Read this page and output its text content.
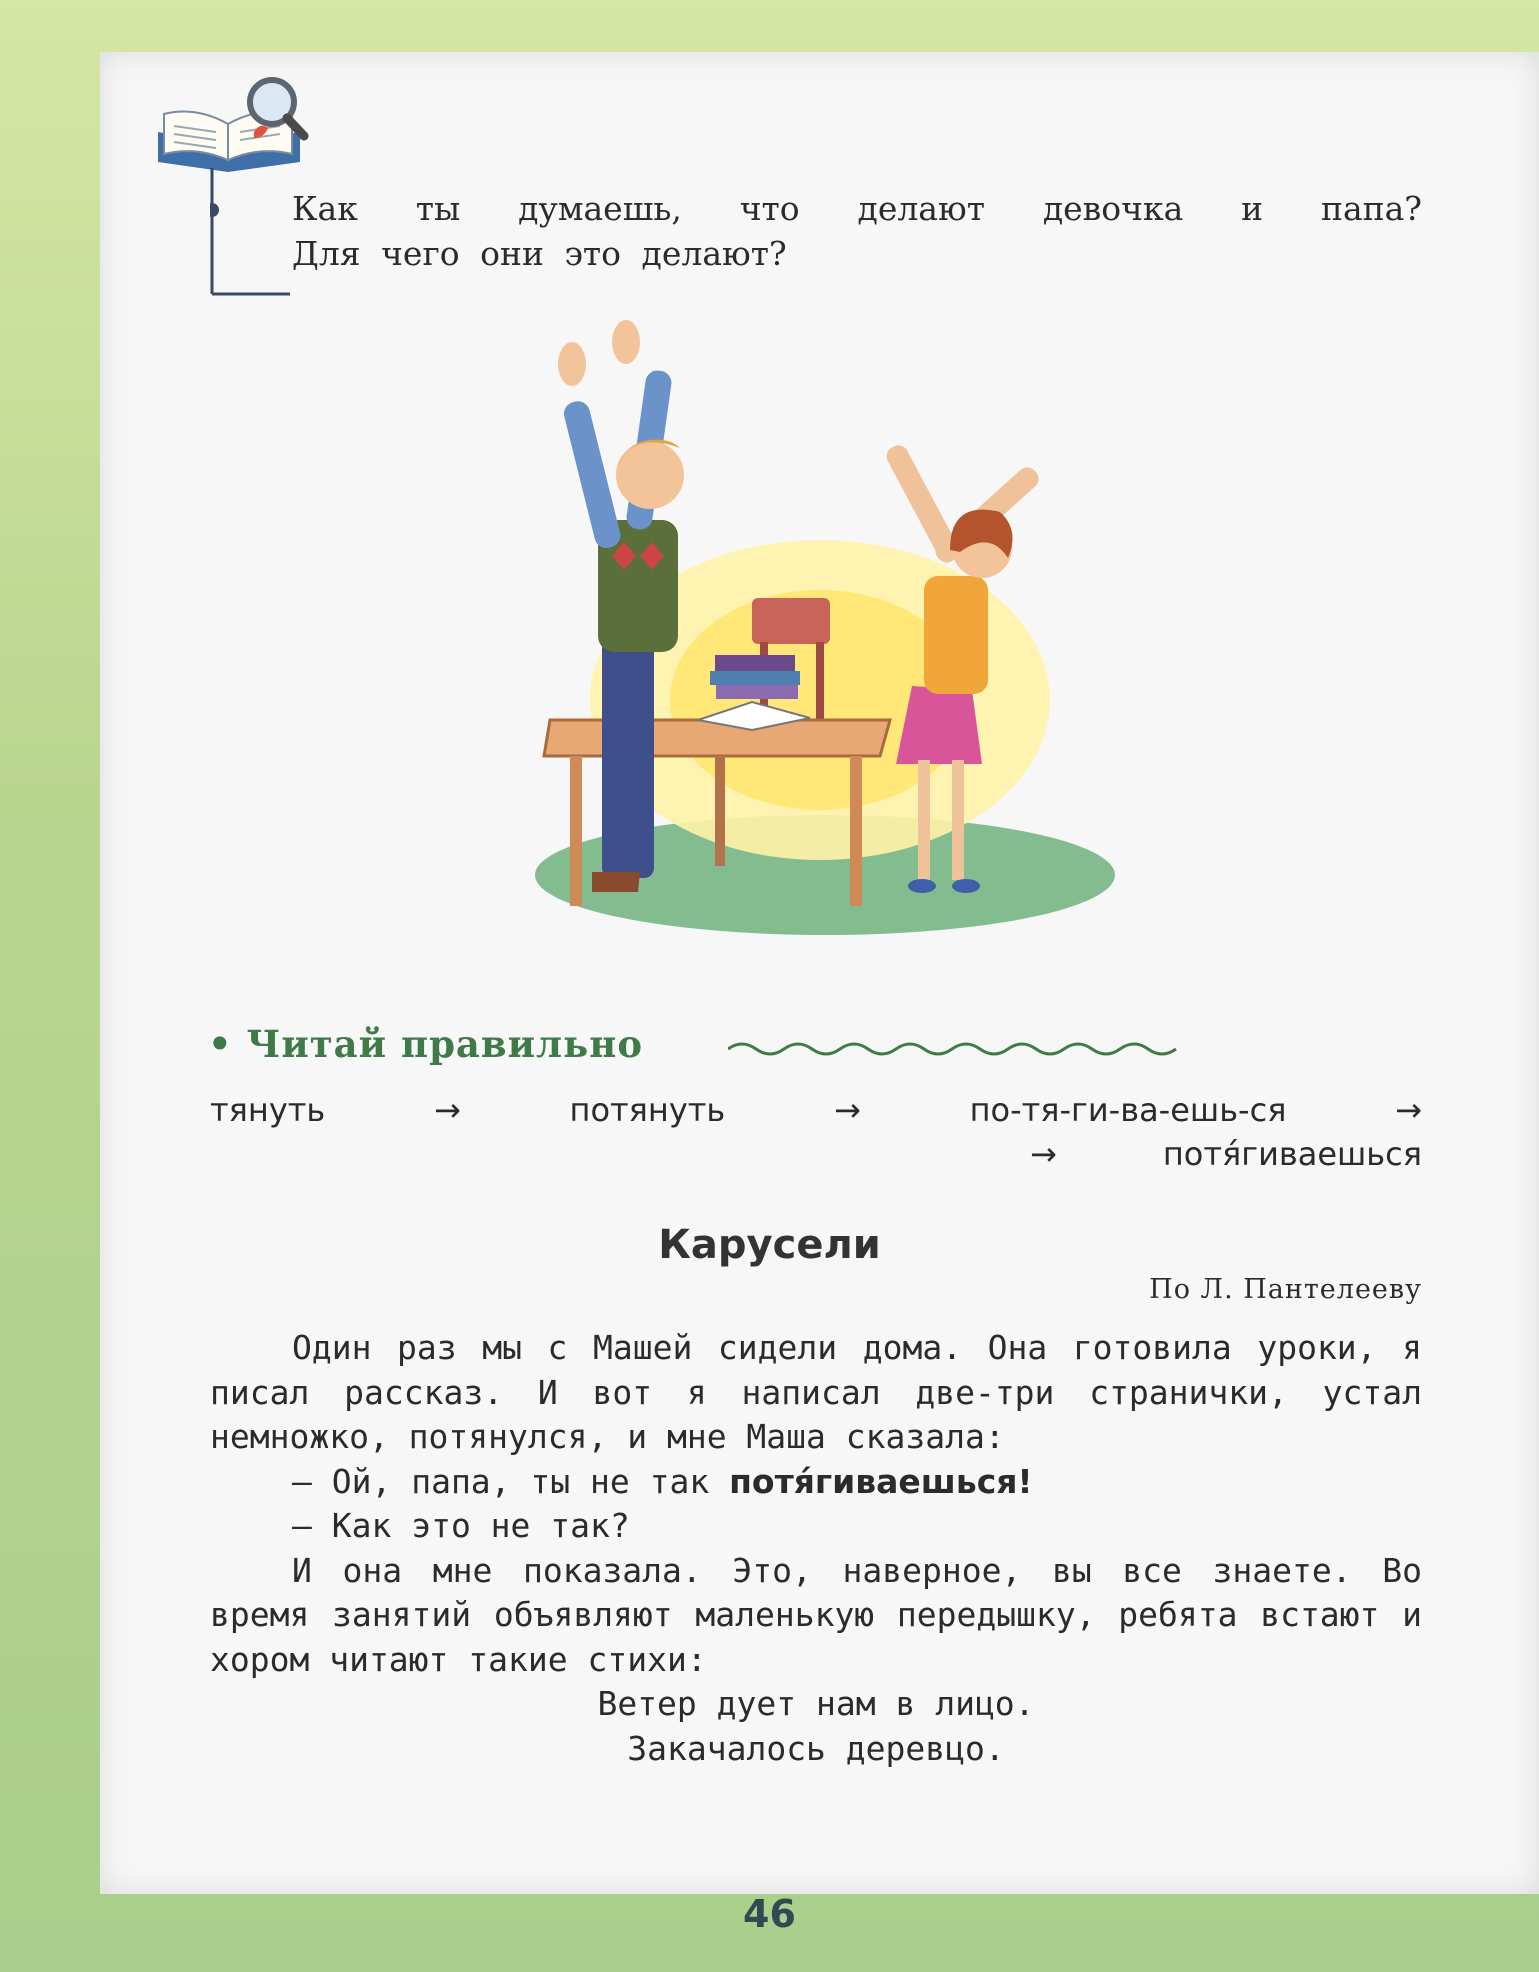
Как ты думаешь, что делают девочка и папа?
Для чего они это делают?
• Читай правильно
тянуть	→	потянуть	→	по-тя-ги-ва-ешь-ся	→
→	потя́гиваешься
Карусели
По Л. Пантелееву

Один раз мы с Машей сидели дома. Она готовила уроки, я писал рассказ. И вот я написал две-три странички, устал немножко, потянулся, и мне Маша сказала:

— Ой, папа, ты не так потя́гиваешься!

— Как это не так?

И она мне показала. Это, наверное, вы все знаете. Во время занятий объявляют маленькую передышку, ребята встают и хором читают такие стихи:

Ветер дует нам в лицо.

Закачалось деревцо.

46
